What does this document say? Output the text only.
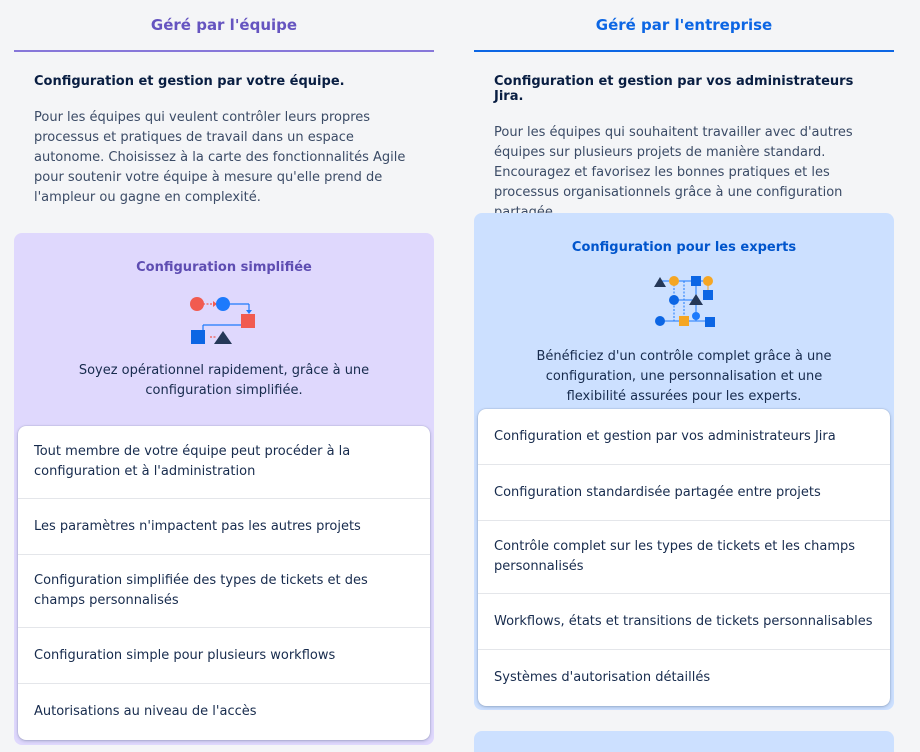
Géré par l'équipe
Configuration et gestion par votre équipe.
Pour les équipes qui veulent contrôler leurs propres processus et pratiques de travail dans un espace autonome. Choisissez à la carte des fonctionnalités Agile pour soutenir votre équipe à mesure qu'elle prend de l'ampleur ou gagne en complexité.
Configuration simplifiée
Soyez opérationnel rapidement, grâce à une configuration simplifiée.
Tout membre de votre équipe peut procéder à la configuration et à l'administration
Les paramètres n'impactent pas les autres projets
Configuration simplifiée des types de tickets et des champs personnalisés
Configuration simple pour plusieurs workflows
Autorisations au niveau de l'accès
Géré par l'entreprise
Configuration et gestion par vos administrateurs Jira.
Pour les équipes qui souhaitent travailler avec d'autres équipes sur plusieurs projets de manière standard. Encouragez et favorisez les bonnes pratiques et les processus organisationnels grâce à une configuration
Configuration pour les experts
Bénéficiez d'un contrôle complet grâce à une configuration, une personnalisation et une flexibilité assurées pour les experts.
Configuration et gestion par vos administrateurs Jira
Configuration standardisée partagée entre projets
Contrôle complet sur les types de tickets et les champs personnalisés
Workflows, états et transitions de tickets personnalisables
Systèmes d'autorisation détaillés
